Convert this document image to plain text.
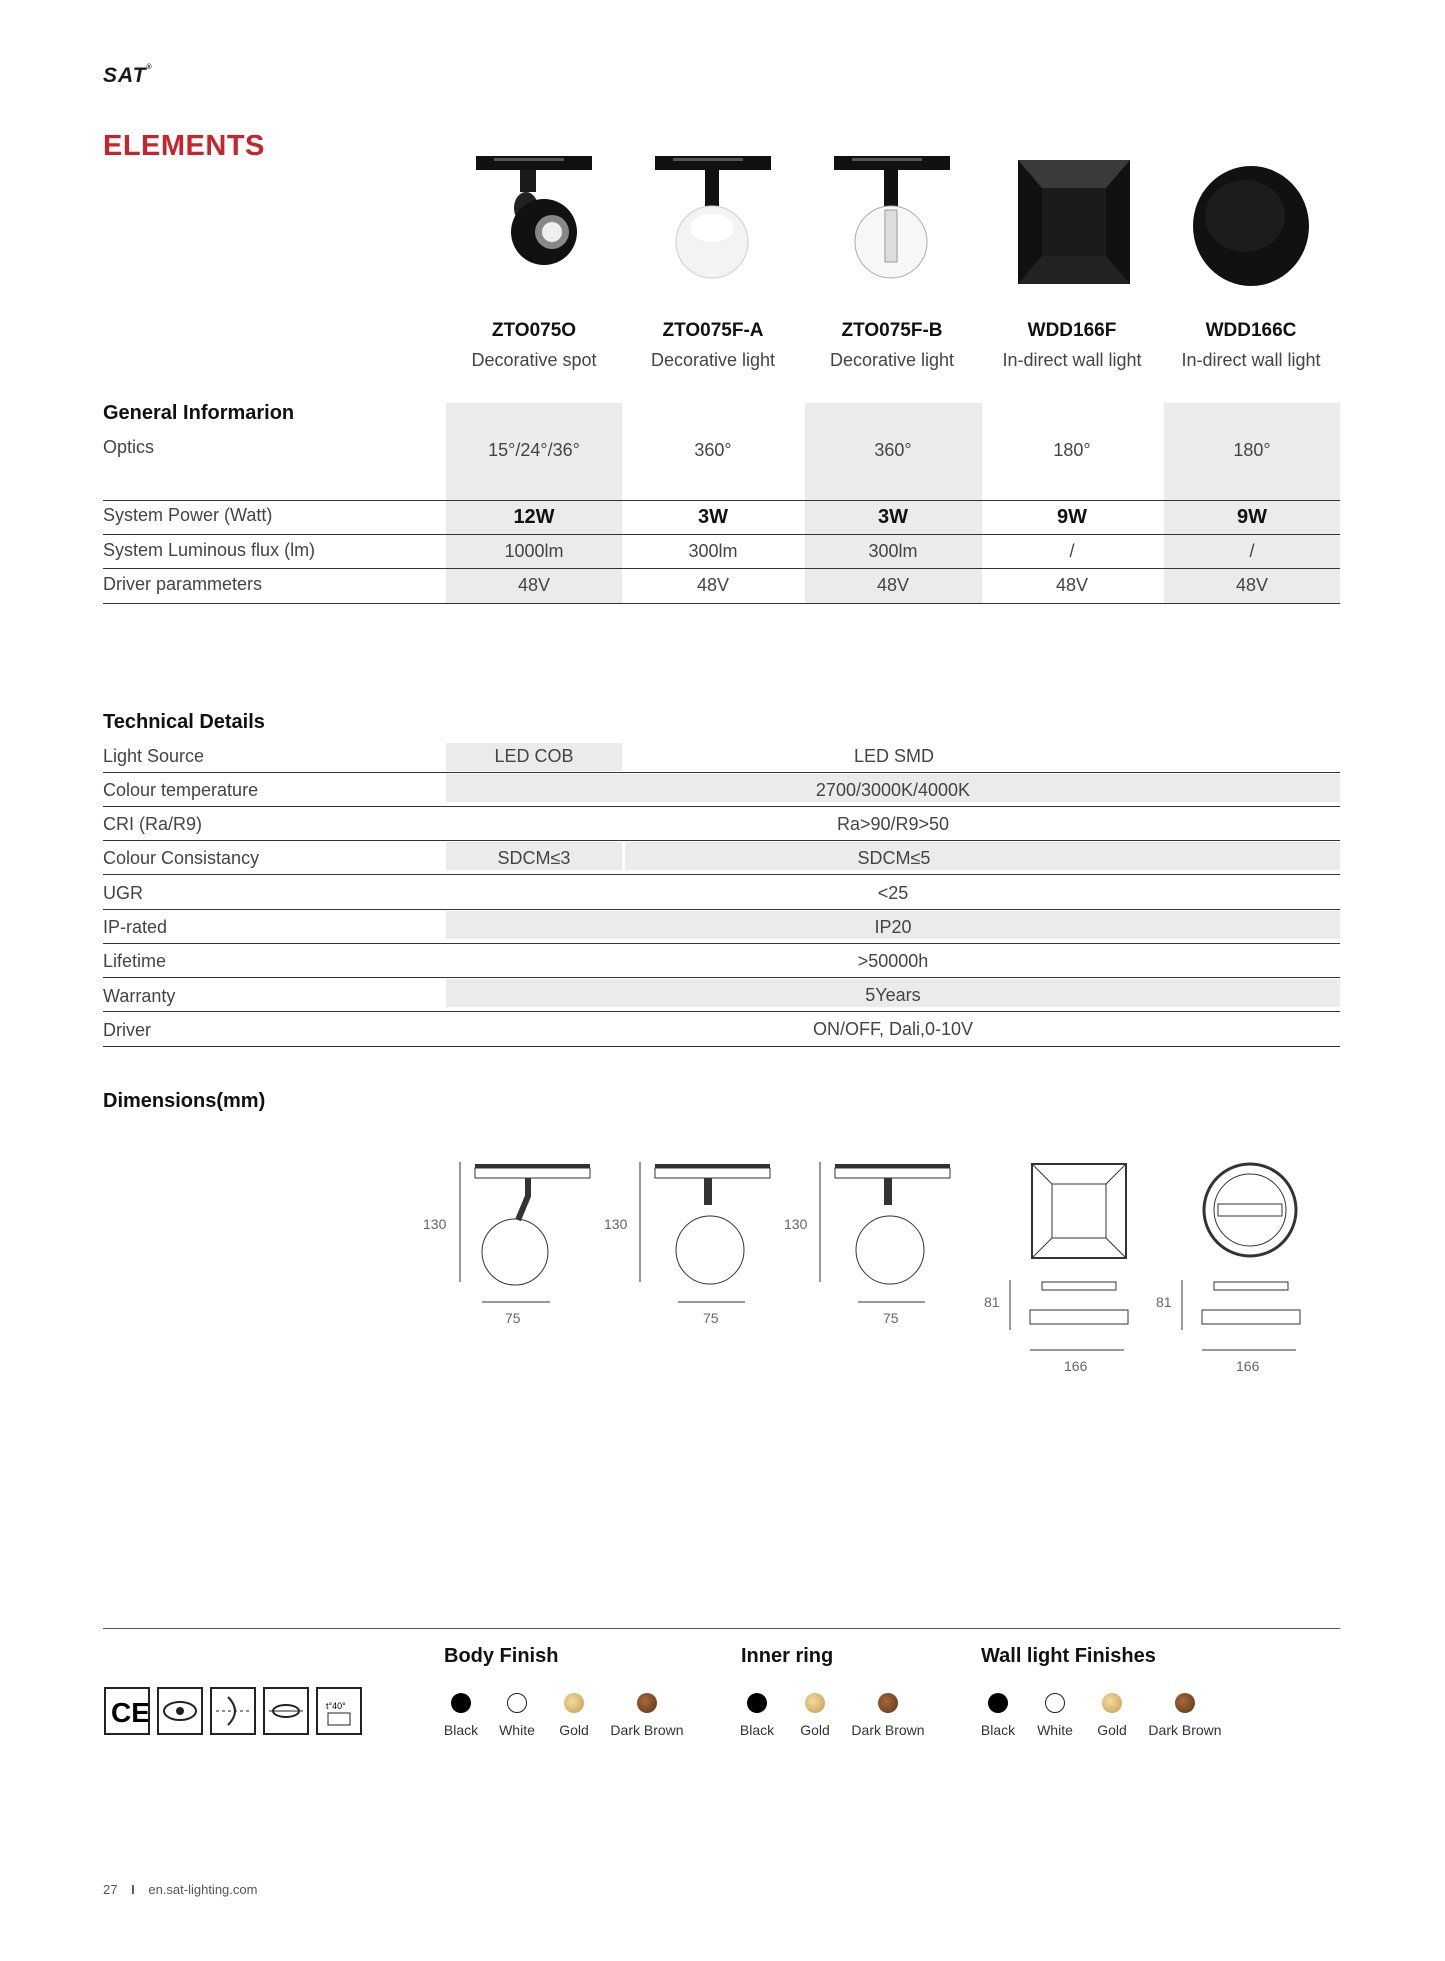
SAT®
ELEMENTS
ZTO075O	ZTO075F-A	ZTO075F-B	WDD166F	WDD166C
Decorative spot	Decorative light	Decorative light	In-direct wall light	In-direct wall light
General Informarion
Optics	15°/24°/36°	360°	360°	180°	180°
System Power (Watt)	12W	3W	3W	9W	9W
System Luminous flux (lm)	1000lm	300lm	300lm	/	/
Driver parammeters	48V	48V	48V	48V	48V
Technical Details
Light Source	LED COB	LED SMD
Colour temperature	2700/3000K/4000K
CRI (Ra/R9)	Ra>90/R9>50
Colour Consistancy	SDCM≤3	SDCM≤5
UGR	<25
IP-rated	IP20
Lifetime	>50000h
Warranty	5Years
Driver	ON/OFF, Dali,0-10V
Dimensions(mm)
130
75
130
75
130
75
81
166
81
166
CE	t°40°
Body Finish
Black	White	Gold	Dark Brown
Inner ring
Black	Gold	Dark Brown
Wall light Finishes
Black	White	Gold	Dark Brown
27 I en.sat-lighting.com
